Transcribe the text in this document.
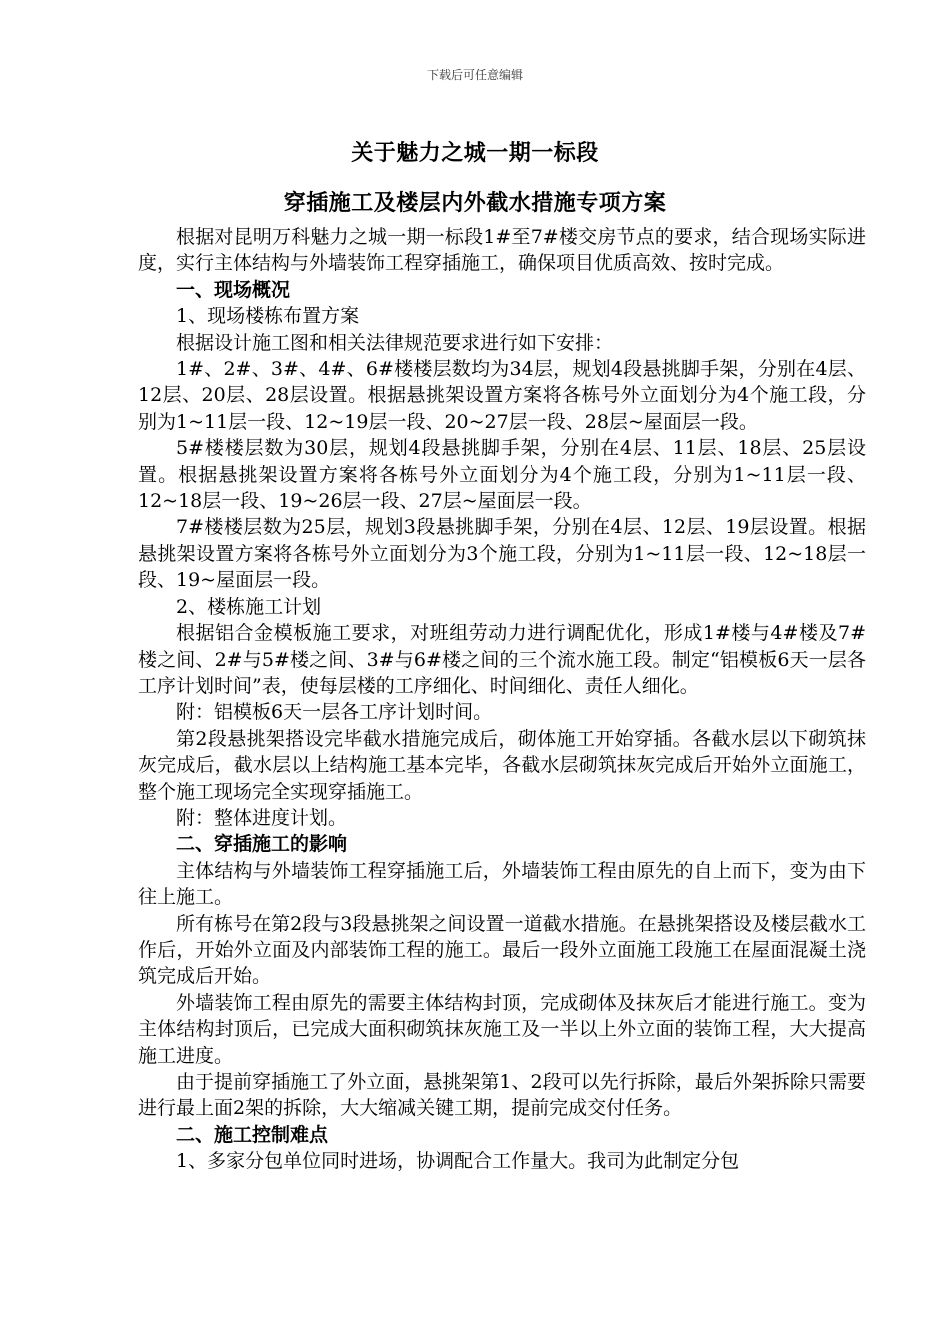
下载后可任意编辑
关于魅力之城一期一标段
穿插施工及楼层内外截水措施专项方案

根据对昆明万科魅力之城一期一标段1#至7#楼交房节点的要求，结合现场实际进度，实行主体结构与外墙装饰工程穿插施工，确保项目优质高效、按时完成。

一、现场概况

1、现场楼栋布置方案

根据设计施工图和相关法律规范要求进行如下安排：

1#、2#、3#、4#、6#楼楼层数均为34层，规划4段悬挑脚手架，分别在4层、12层、20层、28层设置。根据悬挑架设置方案将各栋号外立面划分为4个施工段，分别为1~11层一段、12~19层一段、20~27层一段、28层~屋面层一段。

5#楼楼层数为30层，规划4段悬挑脚手架，分别在4层、11层、18层、25层设置。根据悬挑架设置方案将各栋号外立面划分为4个施工段，分别为1~11层一段、12~18层一段、19~26层一段、27层~屋面层一段。

7#楼楼层数为25层，规划3段悬挑脚手架，分别在4层、12层、19层设置。根据悬挑架设置方案将各栋号外立面划分为3个施工段，分别为1~11层一段、12~18层一段、19~屋面层一段。

2、楼栋施工计划

根据铝合金模板施工要求，对班组劳动力进行调配优化，形成1#楼与4#楼及7#楼之间、2#与5#楼之间、3#与6#楼之间的三个流水施工段。制定“铝模板6天一层各工序计划时间”表，使每层楼的工序细化、时间细化、责任人细化。

附：铝模板6天一层各工序计划时间。

第2段悬挑架搭设完毕截水措施完成后，砌体施工开始穿插。各截水层以下砌筑抹灰完成后，截水层以上结构施工基本完毕，各截水层砌筑抹灰完成后开始外立面施工，整个施工现场完全实现穿插施工。

附：整体进度计划。

二、穿插施工的影响

主体结构与外墙装饰工程穿插施工后，外墙装饰工程由原先的自上而下，变为由下往上施工。

所有栋号在第2段与3段悬挑架之间设置一道截水措施。在悬挑架搭设及楼层截水工作后，开始外立面及内部装饰工程的施工。最后一段外立面施工段施工在屋面混凝土浇筑完成后开始。

外墙装饰工程由原先的需要主体结构封顶，完成砌体及抹灰后才能进行施工。变为主体结构封顶后，已完成大面积砌筑抹灰施工及一半以上外立面的装饰工程，大大提高施工进度。

由于提前穿插施工了外立面，悬挑架第1、2段可以先行拆除，最后外架拆除只需要进行最上面2架的拆除，大大缩减关键工期，提前完成交付任务。

二、施工控制难点

1、多家分包单位同时进场，协调配合工作量大。我司为此制定分包
